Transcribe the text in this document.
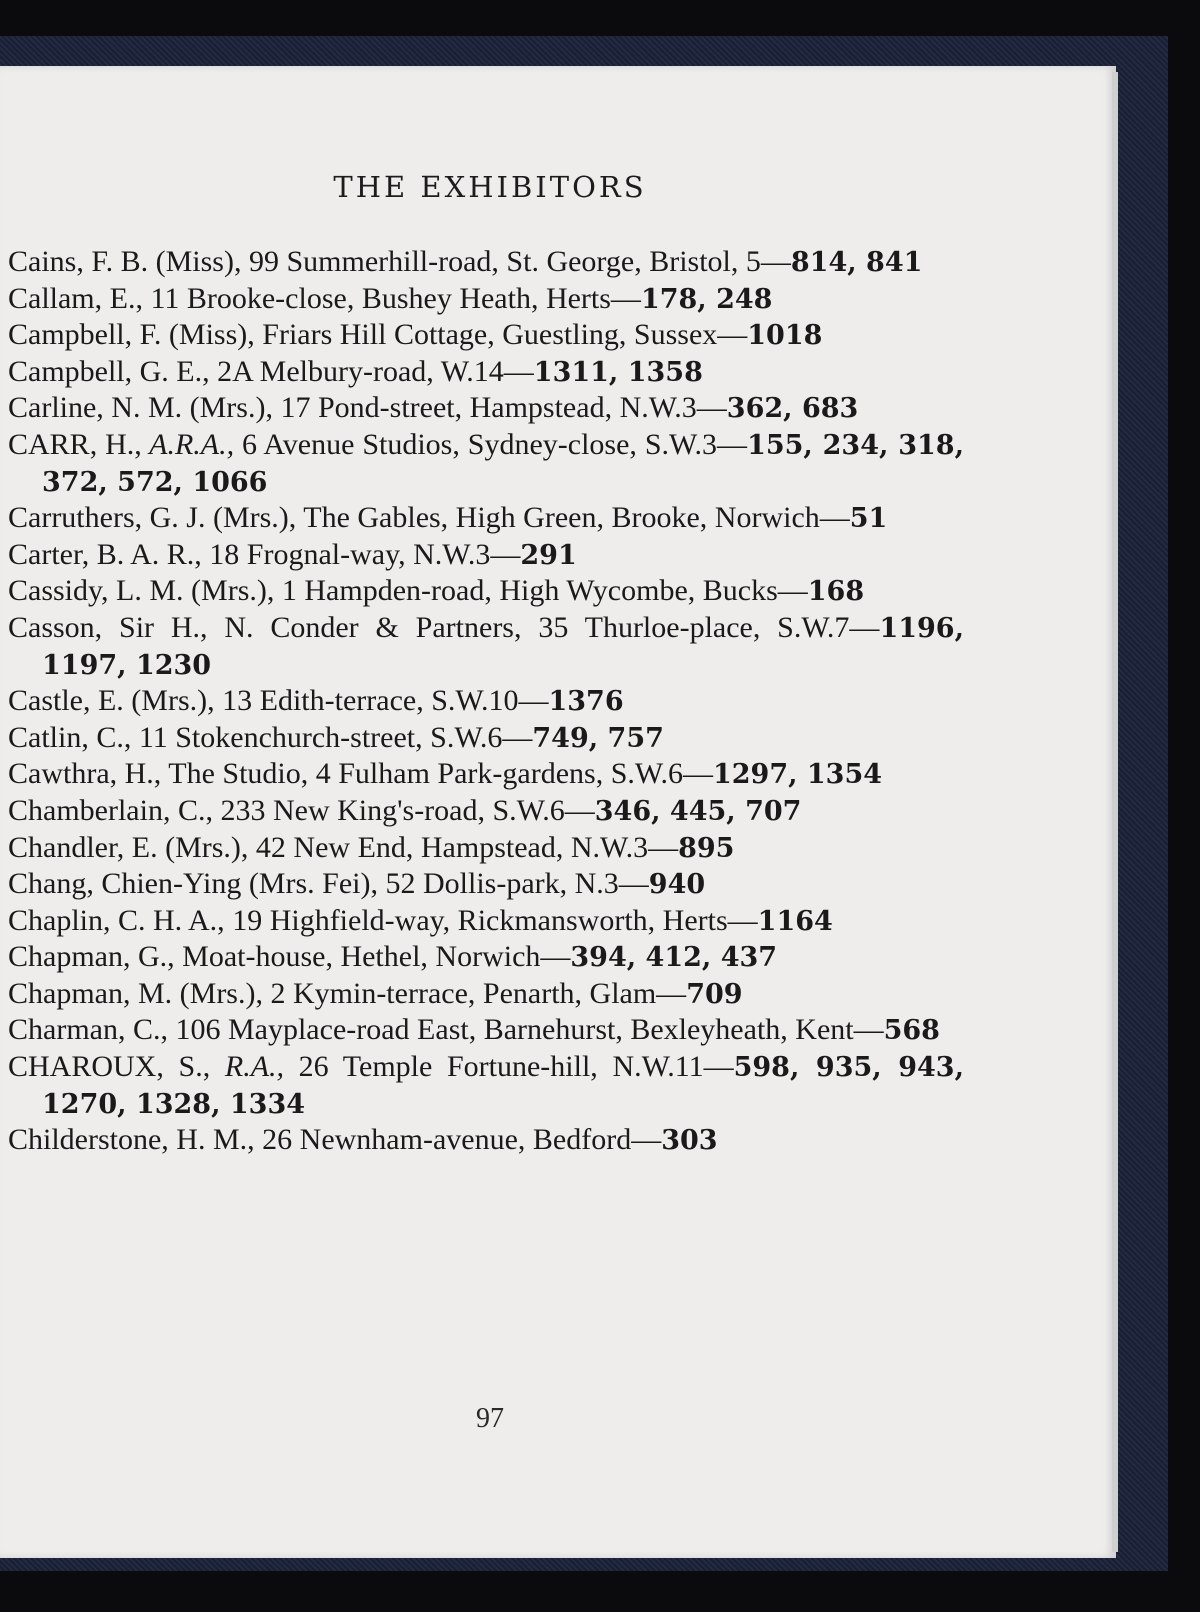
THE EXHIBITORS
Cains, F. B. (Miss), 99 Summerhill-road, St. George, Bristol, 5—814, 841
Callam, E., 11 Brooke-close, Bushey Heath, Herts—178, 248
Campbell, F. (Miss), Friars Hill Cottage, Guestling, Sussex—1018
Campbell, G. E., 2A Melbury-road, W.14—1311, 1358
Carline, N. M. (Mrs.), 17 Pond-street, Hampstead, N.W.3—362, 683
CARR, H., A.R.A., 6 Avenue Studios, Sydney-close, S.W.3—155, 234, 318, 372, 572, 1066
Carruthers, G. J. (Mrs.), The Gables, High Green, Brooke, Norwich—51
Carter, B. A. R., 18 Frognal-way, N.W.3—291
Cassidy, L. M. (Mrs.), 1 Hampden-road, High Wycombe, Bucks—168
Casson, Sir H., N. Conder & Partners, 35 Thurloe-place, S.W.7—1196, 1197, 1230
Castle, E. (Mrs.), 13 Edith-terrace, S.W.10—1376
Catlin, C., 11 Stokenchurch-street, S.W.6—749, 757
Cawthra, H., The Studio, 4 Fulham Park-gardens, S.W.6—1297, 1354
Chamberlain, C., 233 New King's-road, S.W.6—346, 445, 707
Chandler, E. (Mrs.), 42 New End, Hampstead, N.W.3—895
Chang, Chien-Ying (Mrs. Fei), 52 Dollis-park, N.3—940
Chaplin, C. H. A., 19 Highfield-way, Rickmansworth, Herts—1164
Chapman, G., Moat-house, Hethel, Norwich—394, 412, 437
Chapman, M. (Mrs.), 2 Kymin-terrace, Penarth, Glam—709
Charman, C., 106 Mayplace-road East, Barnehurst, Bexleyheath, Kent—568
CHAROUX, S., R.A., 26 Temple Fortune-hill, N.W.11—598, 935, 943, 1270, 1328, 1334
Childerstone, H. M., 26 Newnham-avenue, Bedford—303
97
